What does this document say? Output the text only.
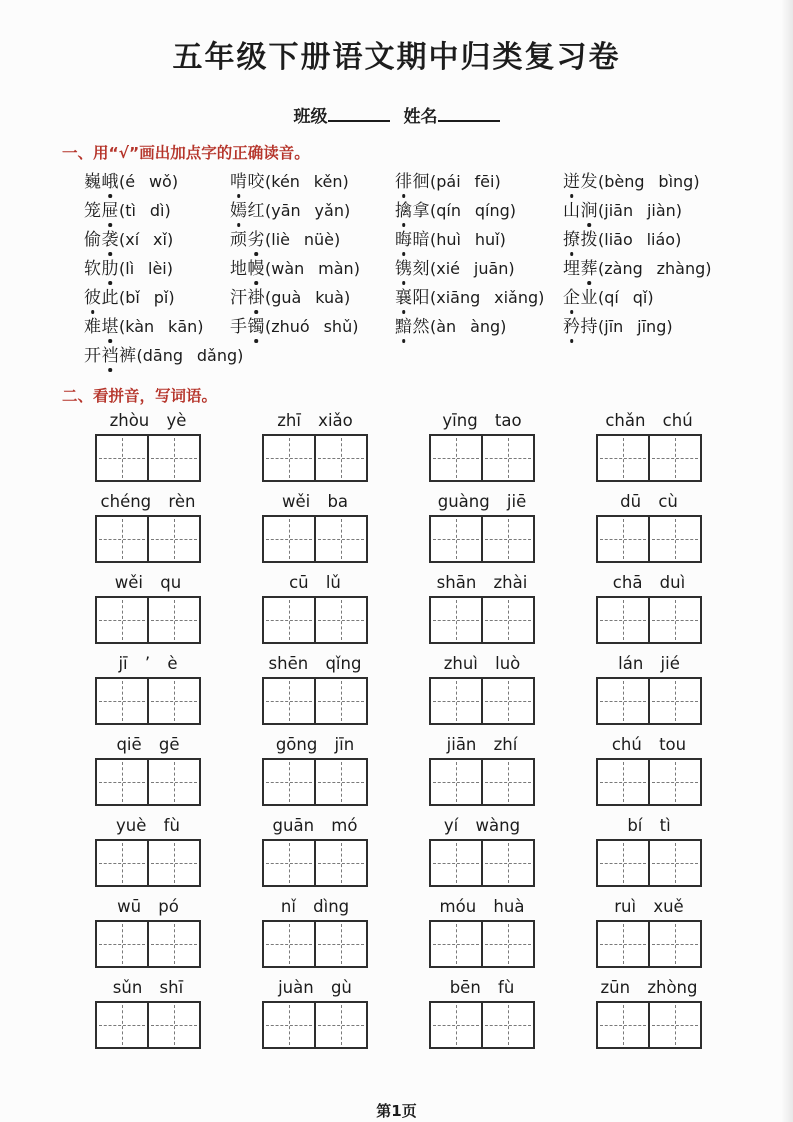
五年级下册语文期中归类复习卷
班级	姓名
一、用“√”画出加点字的正确读音。
巍峨(é wǒ)	啃咬(kén kěn)	徘徊(pái fēi)	迸发(bèng bìng)
笼屉(tì dì)	嫣红(yān yǎn)	擒拿(qín qíng)	山涧(jiān jiàn)
偷袭(xí xǐ)	顽劣(liè nüè)	晦暗(huì huǐ)	撩拨(liāo liáo)
软肋(lì lèi)	地幔(wàn màn)	镌刻(xié juān)	埋葬(zàng zhàng)
彼此(bǐ pǐ)	汗褂(guà kuà)	襄阳(xiāng xiǎng)	企业(qí qǐ)
难堪(kàn kān)	手镯(zhuó shǔ)	黯然(àn àng)	矜持(jīn jīng)
开裆裤(dāng dǎng)
二、看拼音，写词语。
zhòu yè	zhī xiǎo	yīng tao	chǎn chú
chéng rèn	wěi ba	guàng jiē	dū cù
wěi qu	cū lǔ	shān zhài	chā duì
jī ’ è	shēn qǐng	zhuì luò	lán jié
qiē gē	gōng jīn	jiān zhí	chú tou
yuè fù	guān mó	yí wàng	bí tì
wū pó	nǐ dìng	móu huà	ruì xuě
sǔn shī	juàn gù	bēn fù	zūn zhòng
第1页
